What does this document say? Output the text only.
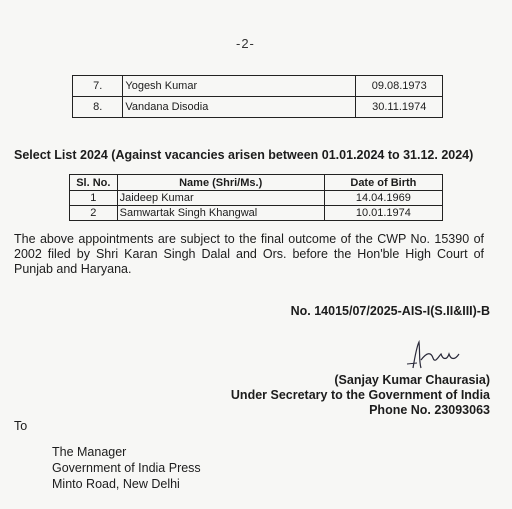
-2-
7.	Yogesh Kumar	09.08.1973
8.	Vandana Disodia	30.11.1974
Select List 2024 (Against vacancies arisen between 01.01.2024 to 31.12. 2024)
Sl. No.	Name (Shri/Ms.)	Date of Birth
1	Jaideep Kumar	14.04.1969
2	Samwartak Singh Khangwal	10.01.1974
The above appointments are subject to the final outcome of the CWP No. 15390 of 2002 filed by Shri Karan Singh Dalal and Ors. before the Hon'ble High Court of Punjab and Haryana.
No. 14015/07/2025-AIS-I(S.II&III)-B
(Sanjay Kumar Chaurasia)
Under Secretary to the Government of India
Phone No. 23093063
To
The Manager
Government of India Press
Minto Road, New Delhi
